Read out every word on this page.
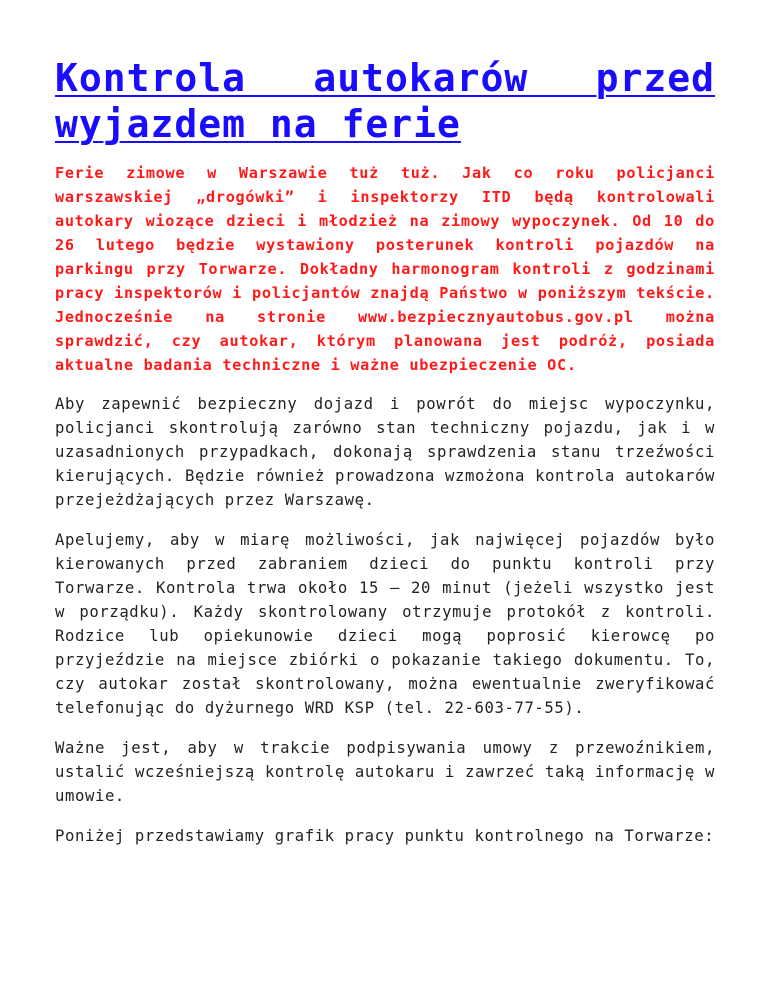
Kontrola autokarów przed wyjazdem na ferie

Ferie zimowe w Warszawie tuż tuż. Jak co roku policjanci warszawskiej „drogówki” i inspektorzy ITD będą kontrolowali autokary wiozące dzieci i młodzież na zimowy wypoczynek. Od 10 do 26 lutego będzie wystawiony posterunek kontroli pojazdów na parkingu przy Torwarze. Dokładny harmonogram kontroli z godzinami pracy inspektorów i policjantów znajdą Państwo w poniższym tekście. Jednocześnie na stronie www.bezpiecznyautobus.gov.pl można sprawdzić, czy autokar, którym planowana jest podróż, posiada aktualne badania techniczne i ważne ubezpieczenie OC.

Aby zapewnić bezpieczny dojazd i powrót do miejsc wypoczynku, policjanci skontrolują zarówno stan techniczny pojazdu, jak i w uzasadnionych przypadkach, dokonają sprawdzenia stanu trzeźwości kierujących. Będzie również prowadzona wzmożona kontrola autokarów przejeżdżających przez Warszawę.

Apelujemy, aby w miarę możliwości, jak najwięcej pojazdów było kierowanych przed zabraniem dzieci do punktu kontroli przy Torwarze. Kontrola trwa około 15 – 20 minut (jeżeli wszystko jest w porządku). Każdy skontrolowany otrzymuje protokół z kontroli. Rodzice lub opiekunowie dzieci mogą poprosić kierowcę po przyjeździe na miejsce zbiórki o pokazanie takiego dokumentu. To, czy autokar został skontrolowany, można ewentualnie zweryfikować telefonując do dyżurnego WRD KSP (tel. 22-603-77-55).

Ważne jest, aby w trakcie podpisywania umowy z przewoźnikiem, ustalić wcześniejszą kontrolę autokaru i zawrzeć taką informację w umowie.

Poniżej przedstawiamy grafik pracy punktu kontrolnego na Torwarze:
